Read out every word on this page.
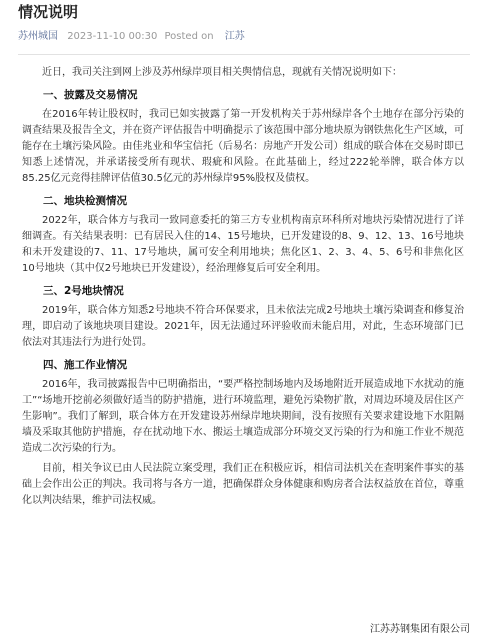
情况说明
苏州城国 2023-11-10 00:30 Posted on 江苏

近日，我司关注到网上涉及苏州绿岸项目相关舆情信息，现就有关情况说明如下：

一、披露及交易情况

在2016年转让股权时，我司已如实披露了第一开发机构关于苏州绿岸各个土地存在部分污染的调查结果及报告全文，并在资产评估报告中明确提示了该范围中部分地块原为钢铁焦化生产区域，可能存在土壤污染风险。由佳兆业和华宝信托（后易名：房地产开发公司）组成的联合体在交易时即已知悉上述情况，并承诺接受所有现状、瑕疵和风险。在此基础上，经过222轮举牌，联合体方以85.25亿元竞得挂牌评估值30.5亿元的苏州绿岸95%股权及债权。

二、地块检测情况

2022年，联合体方与我司一致同意委托的第三方专业机构南京环科所对地块污染情况进行了详细调查。有关结果表明：已有居民入住的14、15号地块，已开发建设的8、9、12、13、16号地块和未开发建设的7、11、17号地块，属可安全利用地块；焦化区1、2、3、4、5、6号和非焦化区10号地块（其中仅2号地块已开发建设），经治理修复后可安全利用。

三、2号地块情况

2019年，联合体方知悉2号地块不符合环保要求，且未依法完成2号地块土壤污染调查和修复治理，即启动了该地块项目建设。2021年，因无法通过环评验收而未能启用，对此，生态环境部门已依法对其违法行为进行处罚。

四、施工作业情况

2016年，我司披露报告中已明确指出，“要严格控制场地内及场地附近开展造成地下水扰动的施工”“场地开挖前必须做好适当的防护措施，进行环境监理，避免污染物扩散，对周边环境及居住区产生影响”。我们了解到，联合体方在开发建设苏州绿岸地块期间，没有按照有关要求建设地下水阻隔墙及采取其他防护措施，存在扰动地下水、搬运土壤造成部分环境交叉污染的行为和施工作业不规范造成二次污染的行为。

目前，相关争议已由人民法院立案受理，我们正在积极应诉，相信司法机关在查明案件事实的基础上会作出公正的判决。我司将与各方一道，把确保群众身体健康和购房者合法权益放在首位，尊重化以判决结果，维护司法权威。

江苏苏钢集团有限公司
